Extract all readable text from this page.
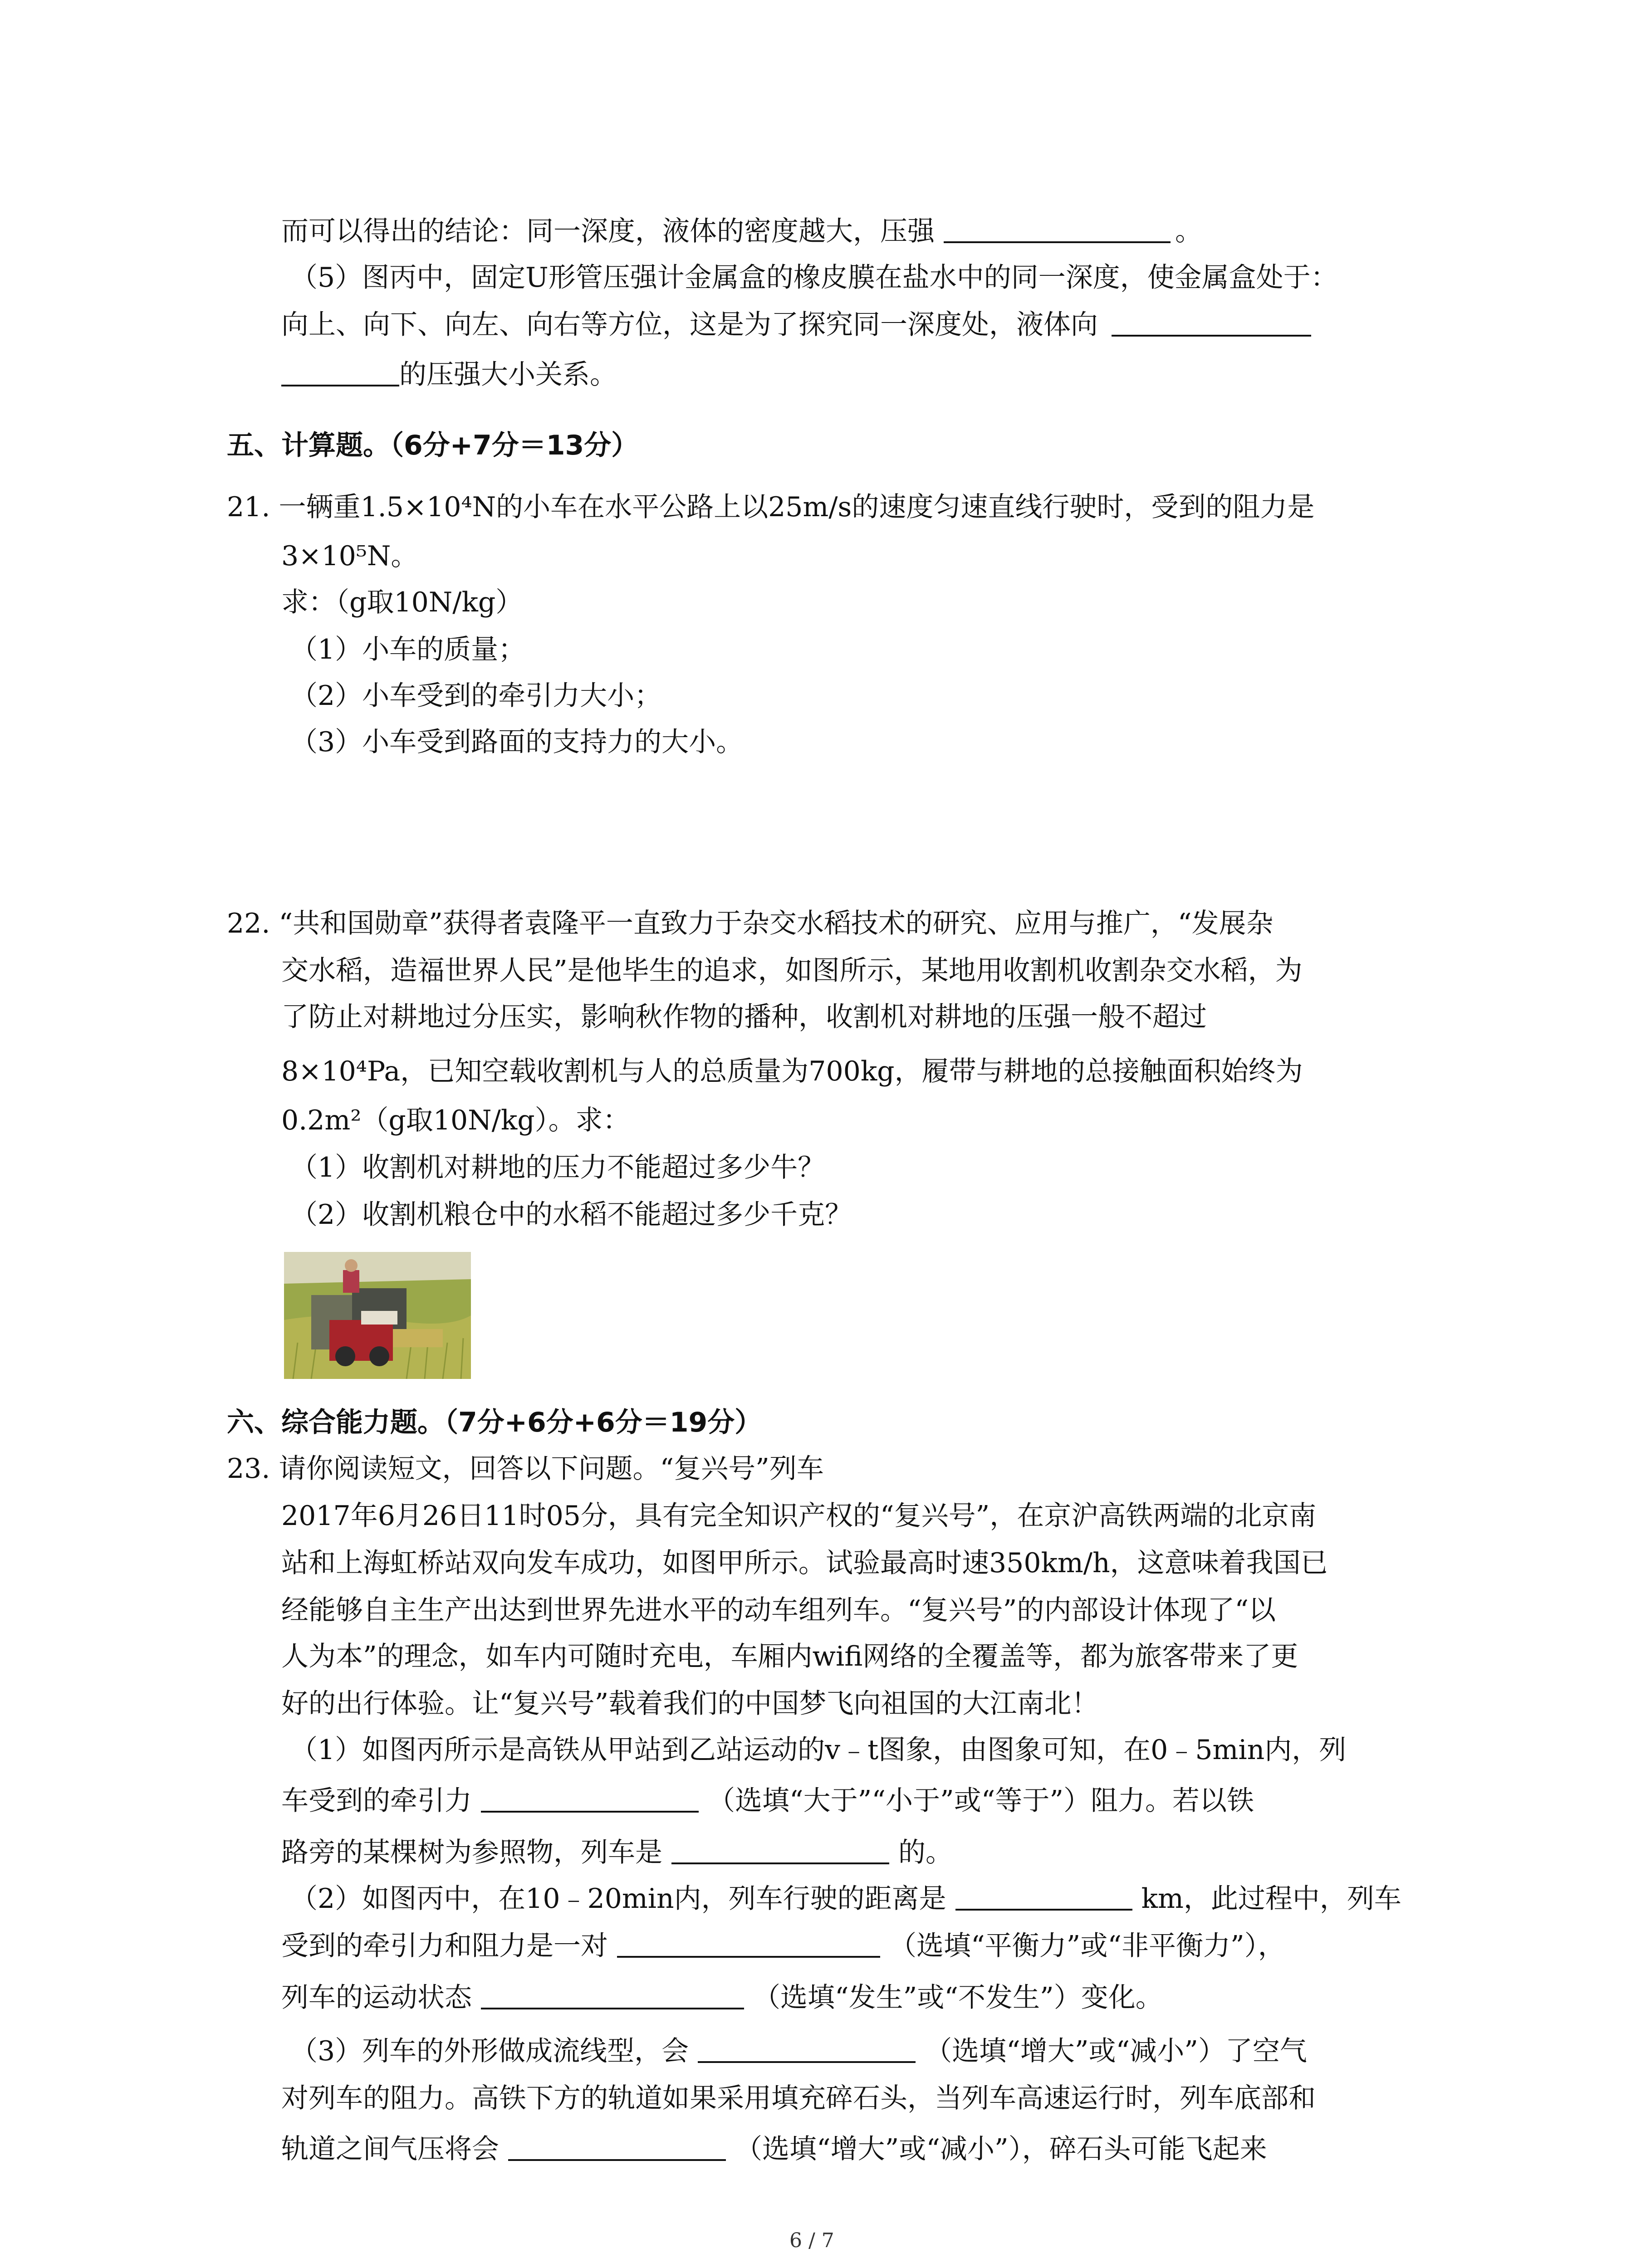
而可以得出的结论：同一深度，液体的密度越大，压强	。
（5）图丙中，固定U形管压强计金属盒的橡皮膜在盐水中的同一深度，使金属盒处于：
向上、向下、向左、向右等方位，这是为了探究同一深度处，液体向
的压强大小关系。
五、计算题。（6分+7分＝13分）
21. 一辆重1.5×10⁴N的小车在水平公路上以25m/s的速度匀速直线行驶时，受到的阻力是
3×10⁵N。
求：（g取10N/kg）
（1）小车的质量；
（2）小车受到的牵引力大小；
（3）小车受到路面的支持力的大小。
22. “共和国勋章”获得者袁隆平一直致力于杂交水稻技术的研究、应用与推广，“发展杂
交水稻，造福世界人民”是他毕生的追求，如图所示，某地用收割机收割杂交水稻，为
了防止对耕地过分压实，影响秋作物的播种，收割机对耕地的压强一般不超过
8×10⁴Pa，已知空载收割机与人的总质量为700kg，履带与耕地的总接触面积始终为
0.2m²（g取10N/kg）。求：
（1）收割机对耕地的压力不能超过多少牛？
（2）收割机粮仓中的水稻不能超过多少千克？
六、综合能力题。（7分+6分+6分＝19分）
23. 请你阅读短文，回答以下问题。“复兴号”列车
2017年6月26日11时05分，具有完全知识产权的“复兴号”，在京沪高铁两端的北京南
站和上海虹桥站双向发车成功，如图甲所示。试验最高时速350km/h，这意味着我国已
经能够自主生产出达到世界先进水平的动车组列车。“复兴号”的内部设计体现了“以
人为本”的理念，如车内可随时充电，车厢内wifi网络的全覆盖等，都为旅客带来了更
好的出行体验。让“复兴号”载着我们的中国梦飞向祖国的大江南北！
（1）如图丙所示是高铁从甲站到乙站运动的v﹣t图象，由图象可知，在0﹣5min内，列
车受到的牵引力	（选填“大于”“小于”或“等于”）阻力。若以铁
路旁的某棵树为参照物，列车是	的。
（2）如图丙中，在10﹣20min内，列车行驶的距离是	km，此过程中，列车
受到的牵引力和阻力是一对	（选填“平衡力”或“非平衡力”），
列车的运动状态	（选填“发生”或“不发生”）变化。
（3）列车的外形做成流线型，会	（选填“增大”或“减小”）了空气
对列车的阻力。高铁下方的轨道如果采用填充碎石头，当列车高速运行时，列车底部和
轨道之间气压将会	（选填“增大”或“减小”），碎石头可能飞起来
6 / 7
